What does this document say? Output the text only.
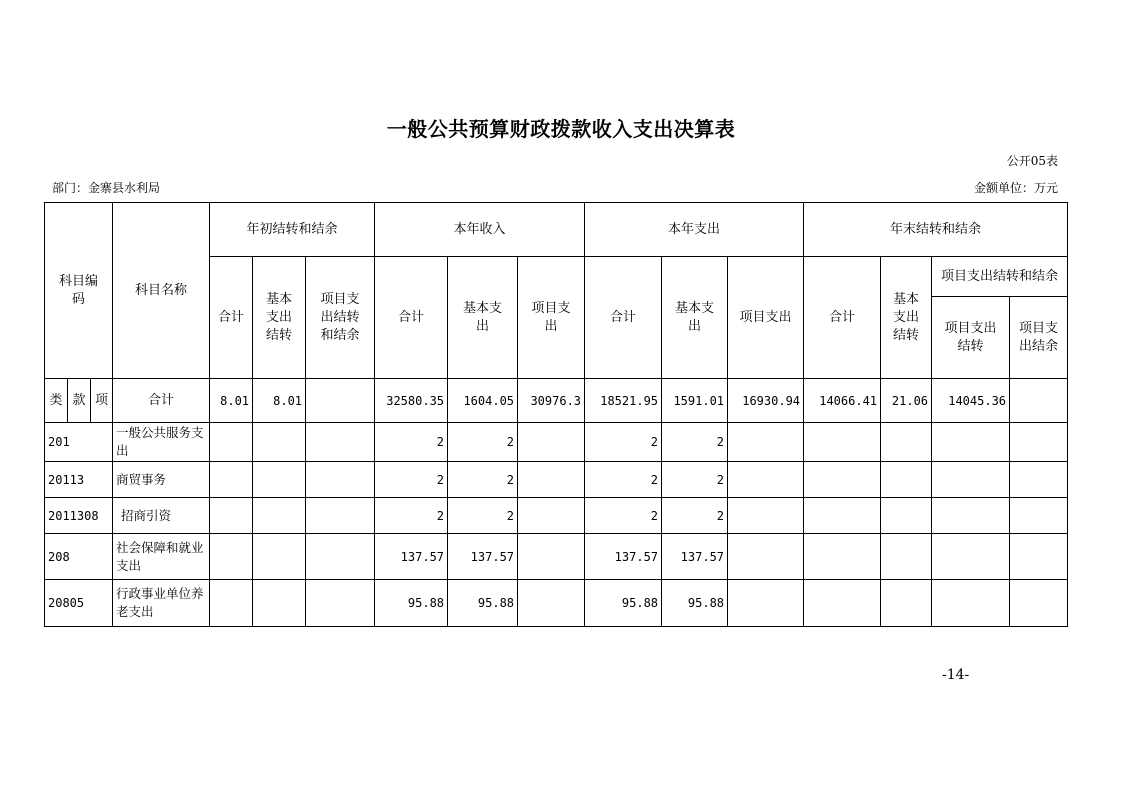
一般公共预算财政拨款收入支出决算表
公开05表
部门：金寨县水利局	金额单位：万元
科目编码			科目名称	年初结转和结余			本年收入			本年支出			年末结转和结余			
				合计	基本支出结转	项目支出结转和结余	合计	基本支出	项目支出	合计	基本支出	项目支出	合计	基本支出结转	项目支出结转和结余	
															项目支出结转	项目支出结余
类	款	项	合计	8.01	8.01		32580.35	1604.05	30976.3	18521.95	1591.01	16930.94	14066.41	21.06	14045.36	
201			一般公共服务支出				2	2		2	2					
20113			商贸事务				2	2		2	2					
2011308			招商引资				2	2		2	2					
208			社会保障和就业支出				137.57	137.57		137.57	137.57					
20805			行政事业单位养老支出				95.88	95.88		95.88	95.88					
-14-
